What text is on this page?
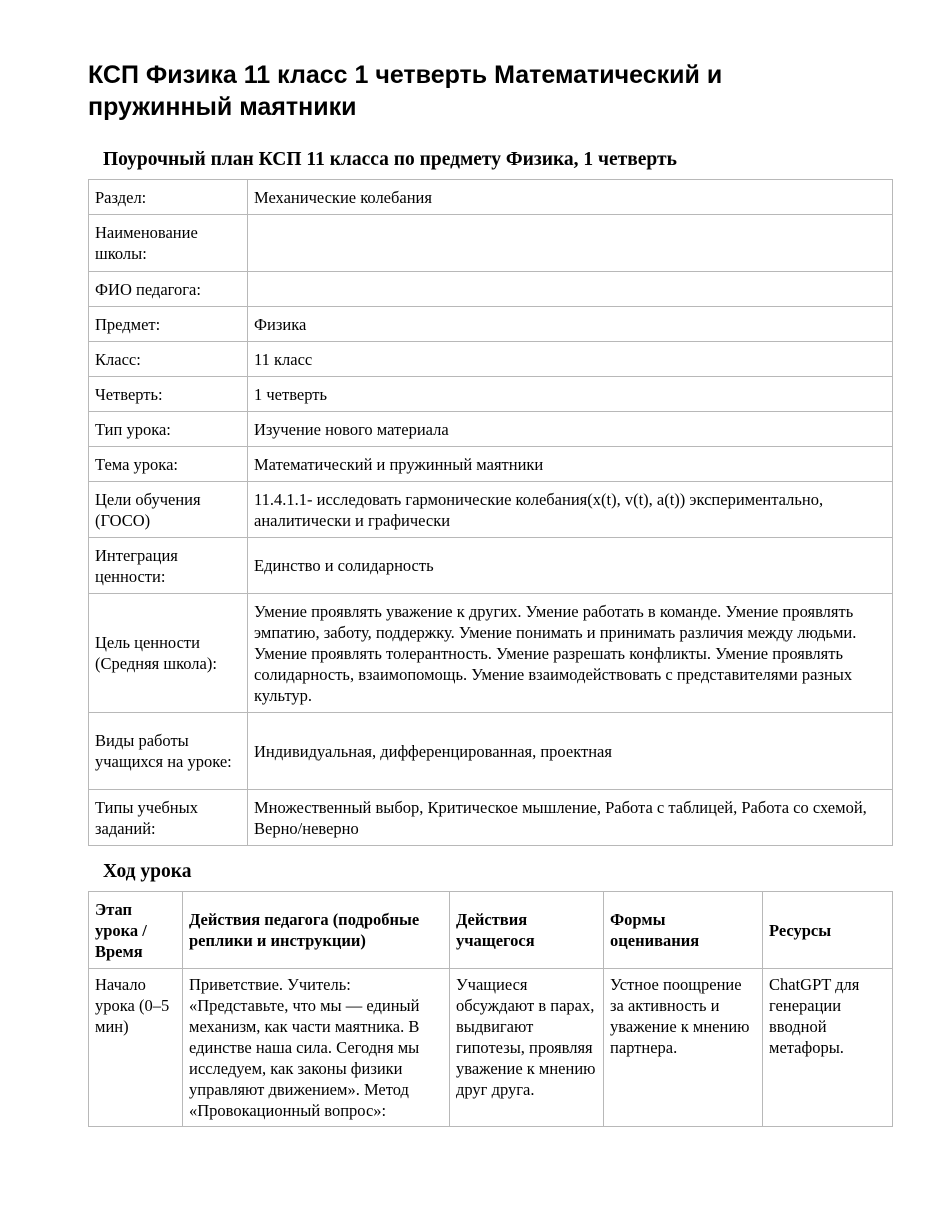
КСП Физика 11 класс 1 четверть Математический и пружинный маятники
Поурочный план КСП 11 класса по предмету Физика, 1 четверть
Раздел:	Механические колебания
Наименование школы:	
ФИО педагога:	
Предмет:	Физика
Класс:	11 класс
Четверть:	1 четверть
Тип урока:	Изучение нового материала
Тема урока:	Математический и пружинный маятники
Цели обучения (ГОСО)	11.4.1.1- исследовать гармонические колебания(x(t), v(t), a(t)) экспериментально, аналитически и графически
Интеграция ценности:	Единство и солидарность
Цель ценности (Средняя школа):	Умение проявлять уважение к других. Умение работать в команде. Умение проявлять эмпатию, заботу, поддержку. Умение понимать и принимать различия между людьми. Умение проявлять толерантность. Умение разрешать конфликты. Умение проявлять солидарность, взаимопомощь. Умение взаимодействовать с представителями разных культур.
Виды работы учащихся на уроке:	Индивидуальная, дифференцированная, проектная
Типы учебных заданий:	Множественный выбор, Критическое мышление, Работа с таблицей, Работа со схемой, Верно/неверно
Ход урока
Этап урока / Время	Действия педагога (подробные реплики и инструкции)	Действия учащегося	Формы оценивания	Ресурсы
Начало урока (0–5 мин)	Приветствие. Учитель: «Представьте, что мы — единый механизм, как части маятника. В единстве наша сила. Сегодня мы исследуем, как законы физики управляют движением». Метод «Провокационный вопрос»:	Учащиеся обсуждают в парах, выдвигают гипотезы, проявляя уважение к мнению друг друга.	Устное поощрение за активность и уважение к мнению партнера.	ChatGPT для генерации вводной метафоры.
